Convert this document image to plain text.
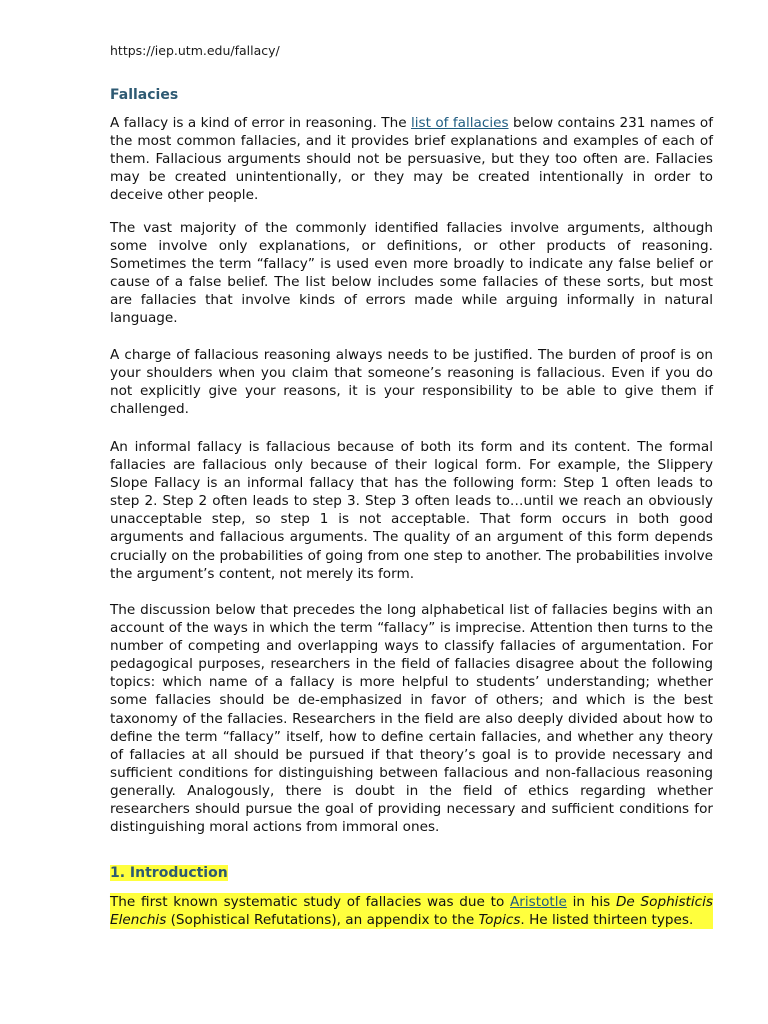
https://iep.utm.edu/fallacy/
Fallacies

A fallacy is a kind of error in reasoning. The list of fallacies below contains 231 names of the most common fallacies, and it provides brief explanations and examples of each of them. Fallacious arguments should not be persuasive, but they too often are. Fallacies may be created unintentionally, or they may be created intentionally in order to deceive other people.

The vast majority of the commonly identified fallacies involve arguments, although some involve only explanations, or definitions, or other products of reasoning. Sometimes the term “fallacy” is used even more broadly to indicate any false belief or cause of a false belief. The list below includes some fallacies of these sorts, but most are fallacies that involve kinds of errors made while arguing informally in natural language.

A charge of fallacious reasoning always needs to be justified. The burden of proof is on your shoulders when you claim that someone’s reasoning is fallacious. Even if you do not explicitly give your reasons, it is your responsibility to be able to give them if challenged.

An informal fallacy is fallacious because of both its form and its content. The formal fallacies are fallacious only because of their logical form. For example, the Slippery Slope Fallacy is an informal fallacy that has the following form: Step 1 often leads to step 2. Step 2 often leads to step 3. Step 3 often leads to…until we reach an obviously unacceptable step, so step 1 is not acceptable. That form occurs in both good arguments and fallacious arguments. The quality of an argument of this form depends crucially on the probabilities of going from one step to another. The probabilities involve the argument’s content, not merely its form.

The discussion below that precedes the long alphabetical list of fallacies begins with an account of the ways in which the term “fallacy” is imprecise. Attention then turns to the number of competing and overlapping ways to classify fallacies of argumentation. For pedagogical purposes, researchers in the field of fallacies disagree about the following topics: which name of a fallacy is more helpful to students’ understanding; whether some fallacies should be de-emphasized in favor of others; and which is the best taxonomy of the fallacies. Researchers in the field are also deeply divided about how to define the term “fallacy” itself, how to define certain fallacies, and whether any theory of fallacies at all should be pursued if that theory’s goal is to provide necessary and sufficient conditions for distinguishing between fallacious and non-fallacious reasoning generally. Analogously, there is doubt in the field of ethics regarding whether researchers should pursue the goal of providing necessary and sufficient conditions for distinguishing moral actions from immoral ones.

1. Introduction

The first known systematic study of fallacies was due to Aristotle in his De Sophisticis Elenchis (Sophistical Refutations), an appendix to the Topics. He listed thirteen types.
